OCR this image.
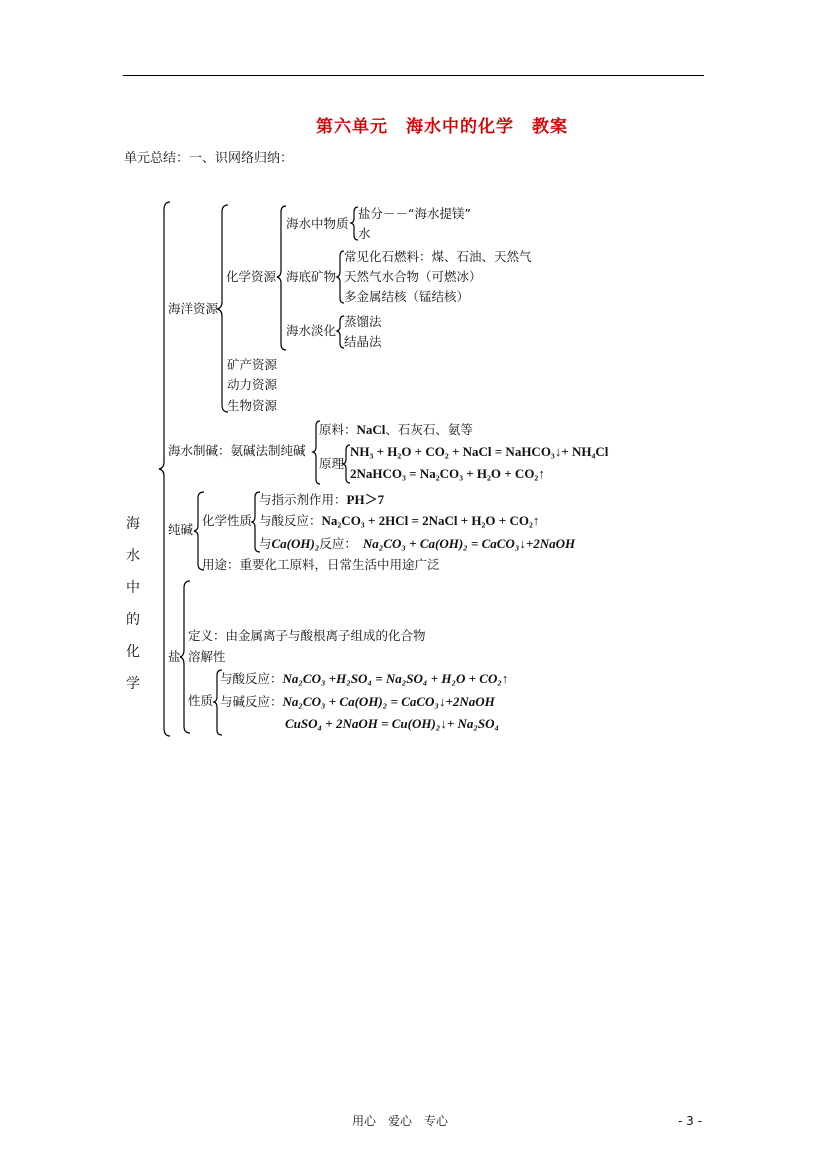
第六单元　海水中的化学　教案
单元总结：一、识网络归纳：
海
水
中
的
化
学
海洋资源
化学资源
海水中物质
盐分－－“海水提镁”
水
海底矿物
常见化石燃料：煤、石油、天然气
天然气水合物（可燃冰）
多金属结核（锰结核）
海水淡化
蒸馏法
结晶法
矿产资源
动力资源
生物资源
海水制碱：氨碱法制纯碱
原料：NaCl、石灰石、氨等
原理
NH₃ + H₂O + CO₂ + NaCl = NaHCO₃↓+ NH₄Cl
2NaHCO₃ = Na₂CO₃ + H₂O + CO₂↑
纯碱
化学性质
与指示剂作用：PH＞7
与酸反应：Na₂CO₃ + 2HCl = 2NaCl + H₂O + CO₂↑
与Ca(OH)₂反应： Na₂CO₃ + Ca(OH)₂ = CaCO₃↓+2NaOH
用途：重要化工原料，日常生活中用途广泛
盐
定义：由金属离子与酸根离子组成的化合物
溶解性
性质
与酸反应：Na₂CO₃ +H₂SO₄ = Na₂SO₄ + H₂O + CO₂↑
与碱反应：Na₂CO₃ + Ca(OH)₂ = CaCO₃↓+2NaOH
CuSO₄ + 2NaOH = Cu(OH)₂↓+ Na₂SO₄
用心　爱心　专心	- 3 -
